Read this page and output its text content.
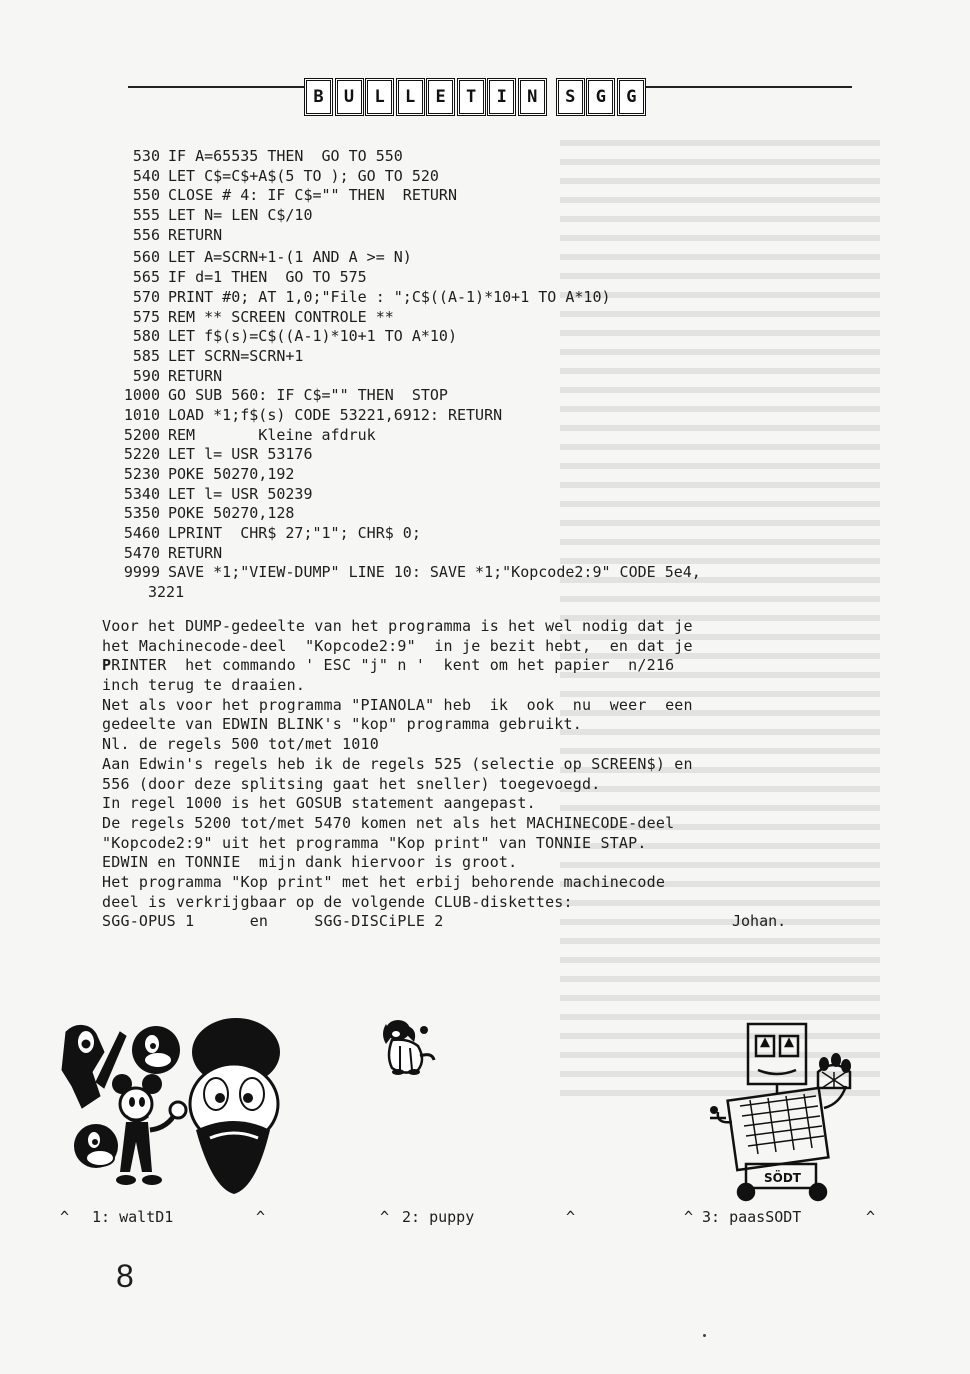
B	U	L	L	E	T	I	N	S	G	G
530 IF A=65535 THEN  GO TO 550
540 LET C$=C$+A$(5 TO ); GO TO 520
550 CLOSE # 4: IF C$="" THEN  RETURN
555 LET N= LEN C$/10
556 RETURN
560 LET A=SCRN+1-(1 AND A >= N)
565 IF d=1 THEN  GO TO 575
570 PRINT #0; AT 1,0;"File : ";C$((A-1)*10+1 TO A*10)
575 REM ** SCREEN CONTROLE **
580 LET f$(s)=C$((A-1)*10+1 TO A*10)
585 LET SCRN=SCRN+1
590 RETURN
1000 GO SUB 560: IF C$="" THEN  STOP
1010 LOAD *1;f$(s) CODE 53221,6912: RETURN
5200 REM       Kleine afdruk
5220 LET l= USR 53176
5230 POKE 50270,192
5340 LET l= USR 50239
5350 POKE 50270,128
5460 LPRINT  CHR$ 27;"1"; CHR$ 0;
5470 RETURN
9999 SAVE *1;"VIEW-DUMP" LINE 10: SAVE *1;"Kopcode2:9" CODE 5e4,
3221
Voor het DUMP-gedeelte van het programma is het wel nodig dat je
het Machinecode-deel  "Kopcode2:9"  in je bezit hebt,  en dat je
PRINTER  het commando ' ESC "j" n '  kent om het papier  n/216
inch terug te draaien.
Net als voor het programma "PIANOLA" heb  ik  ook  nu  weer  een
gedeelte van EDWIN BLINK's "kop" programma gebruikt.
Nl. de regels 500 tot/met 1010
Aan Edwin's regels heb ik de regels 525 (selectie op SCREEN$) en
556 (door deze splitsing gaat het sneller) toegevoegd.
In regel 1000 is het GOSUB statement aangepast.
De regels 5200 tot/met 5470 komen net als het MACHINECODE-deel
"Kopcode2:9" uit het programma "Kop print" van TONNIE STAP.
EDWIN en TONNIE  mijn dank hiervoor is groot.
Het programma "Kop print" met het erbij behorende machinecode
deel is verkrijgbaar op de volgende CLUB-diskettes:
SGG-OPUS 1      en     SGG-DISCiPLE 2	Johan.
SÖDT
^ 1: waltD1	^	^ 2: puppy	^	^ 3: paasSODT	^
8
